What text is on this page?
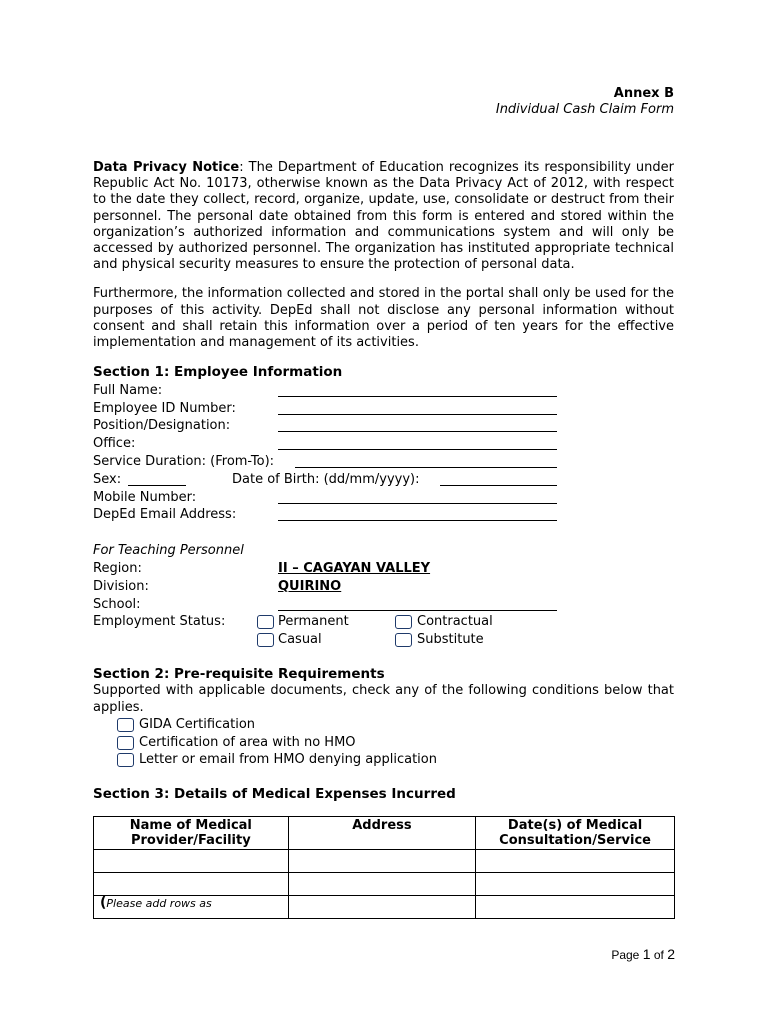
Annex B
Individual Cash Claim Form

Data Privacy Notice: The Department of Education recognizes its responsibility under Republic Act No. 10173, otherwise known as the Data Privacy Act of 2012, with respect to the date they collect, record, organize, update, use, consolidate or destruct from their personnel. The personal date obtained from this form is entered and stored within the organization’s authorized information and communications system and will only be accessed by authorized personnel. The organization has instituted appropriate technical and physical security measures to ensure the protection of personal data.

Furthermore, the information collected and stored in the portal shall only be used for the purposes of this activity. DepEd shall not disclose any personal information without consent and shall retain this information over a period of ten years for the effective implementation and management of its activities.

Section 1: Employee Information
Full Name:
Employee ID Number:
Position/Designation:
Office:
Service Duration: (From-To):
Sex:	Date of Birth: (dd/mm/yyyy):
Mobile Number:
DepEd Email Address:
For Teaching Personnel
Region:	II – CAGAYAN VALLEY
Division:	QUIRINO
School:
Employment Status:	Permanent	Contractual
Casual	Substitute
Section 2: Pre-requisite Requirements

Supported with applicable documents, check any of the following conditions below that applies.

GIDA Certification
Certification of area with no HMO
Letter or email from HMO denying application
Section 3: Details of Medical Expenses Incurred
Name of Medical Provider/Facility	Address	Date(s) of Medical Consultation/Service

(Please add rows as		
Page 1 of 2
